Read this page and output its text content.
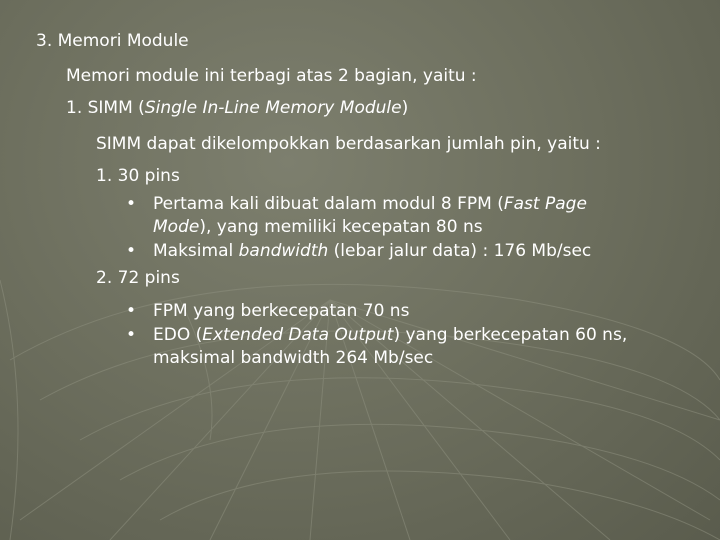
3. Memori Module
Memori module ini terbagi atas 2 bagian, yaitu :
1. SIMM (Single In-Line Memory Module)
SIMM dapat dikelompokkan berdasarkan jumlah pin, yaitu :
1. 30 pins
• Pertama kali dibuat dalam modul 8 FPM (Fast Page
Mode), yang memiliki kecepatan 80 ns
• Maksimal bandwidth (lebar jalur data) : 176 Mb/sec
2. 72 pins
• FPM yang berkecepatan 70 ns
• EDO (Extended Data Output) yang berkecepatan 60 ns,
maksimal bandwidth 264 Mb/sec
